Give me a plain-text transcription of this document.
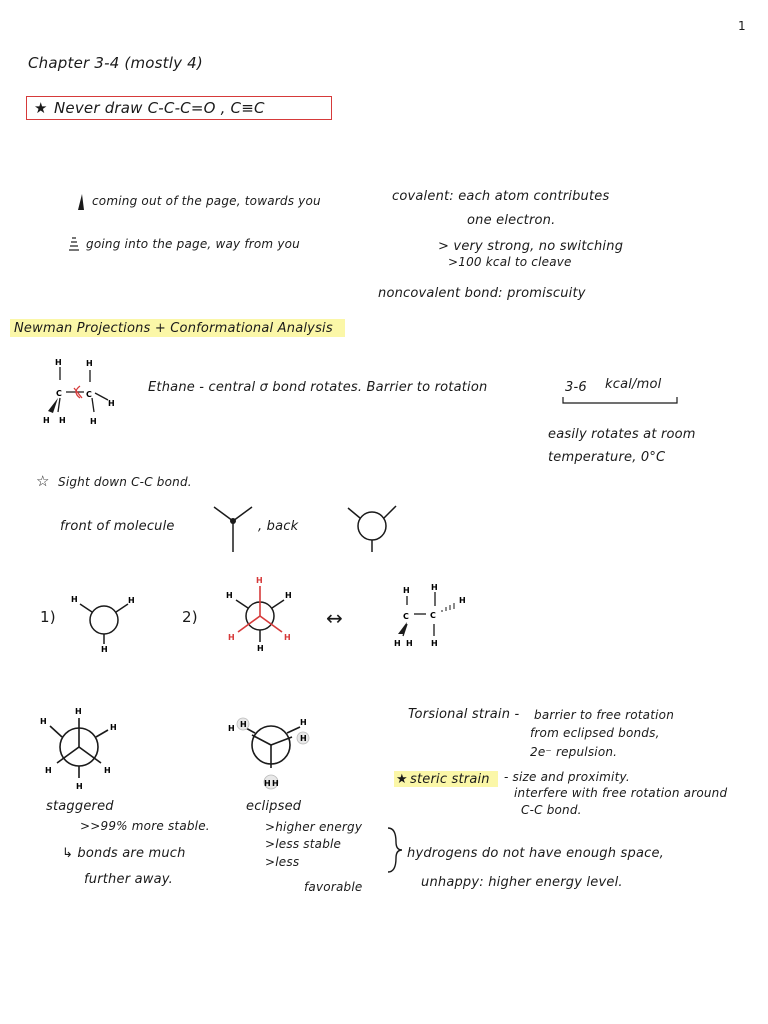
1
Chapter 3-4 (mostly 4)
★ Never draw C-C-C=O , C≡C
coming out of the page, towards you
going into the page, way from you
covalent: each atom contributes
one electron.
> very strong, no switching
>100 kcal to cleave
noncovalent bond: promiscuity
Newman Projections + Conformational Analysis
H	H
C	C
H
H H	H
Ethane - central σ bond rotates. Barrier to rotation	3-6 kcal/mol
easily rotates at room
temperature, 0°C
☆ Sight down C-C bond.
front of molecule	, back
1)	2)	↔
H	H
H
H	H
H
H
H	H
H	H
C	C
H
H H H
H
H
H
H	H
H
H
H
H
H
H H
staggered
>>99% more stable.
↳ bonds are much
further away.
eclipsed
>higher energy
>less stable
>less
favorable
Torsional strain - barrier to free rotation
from eclipsed bonds,
2e⁻ repulsion.
★ steric strain - size and proximity.
interfere with free rotation around
C-C bond.
hydrogens do not have enough space,
unhappy: higher energy level.
